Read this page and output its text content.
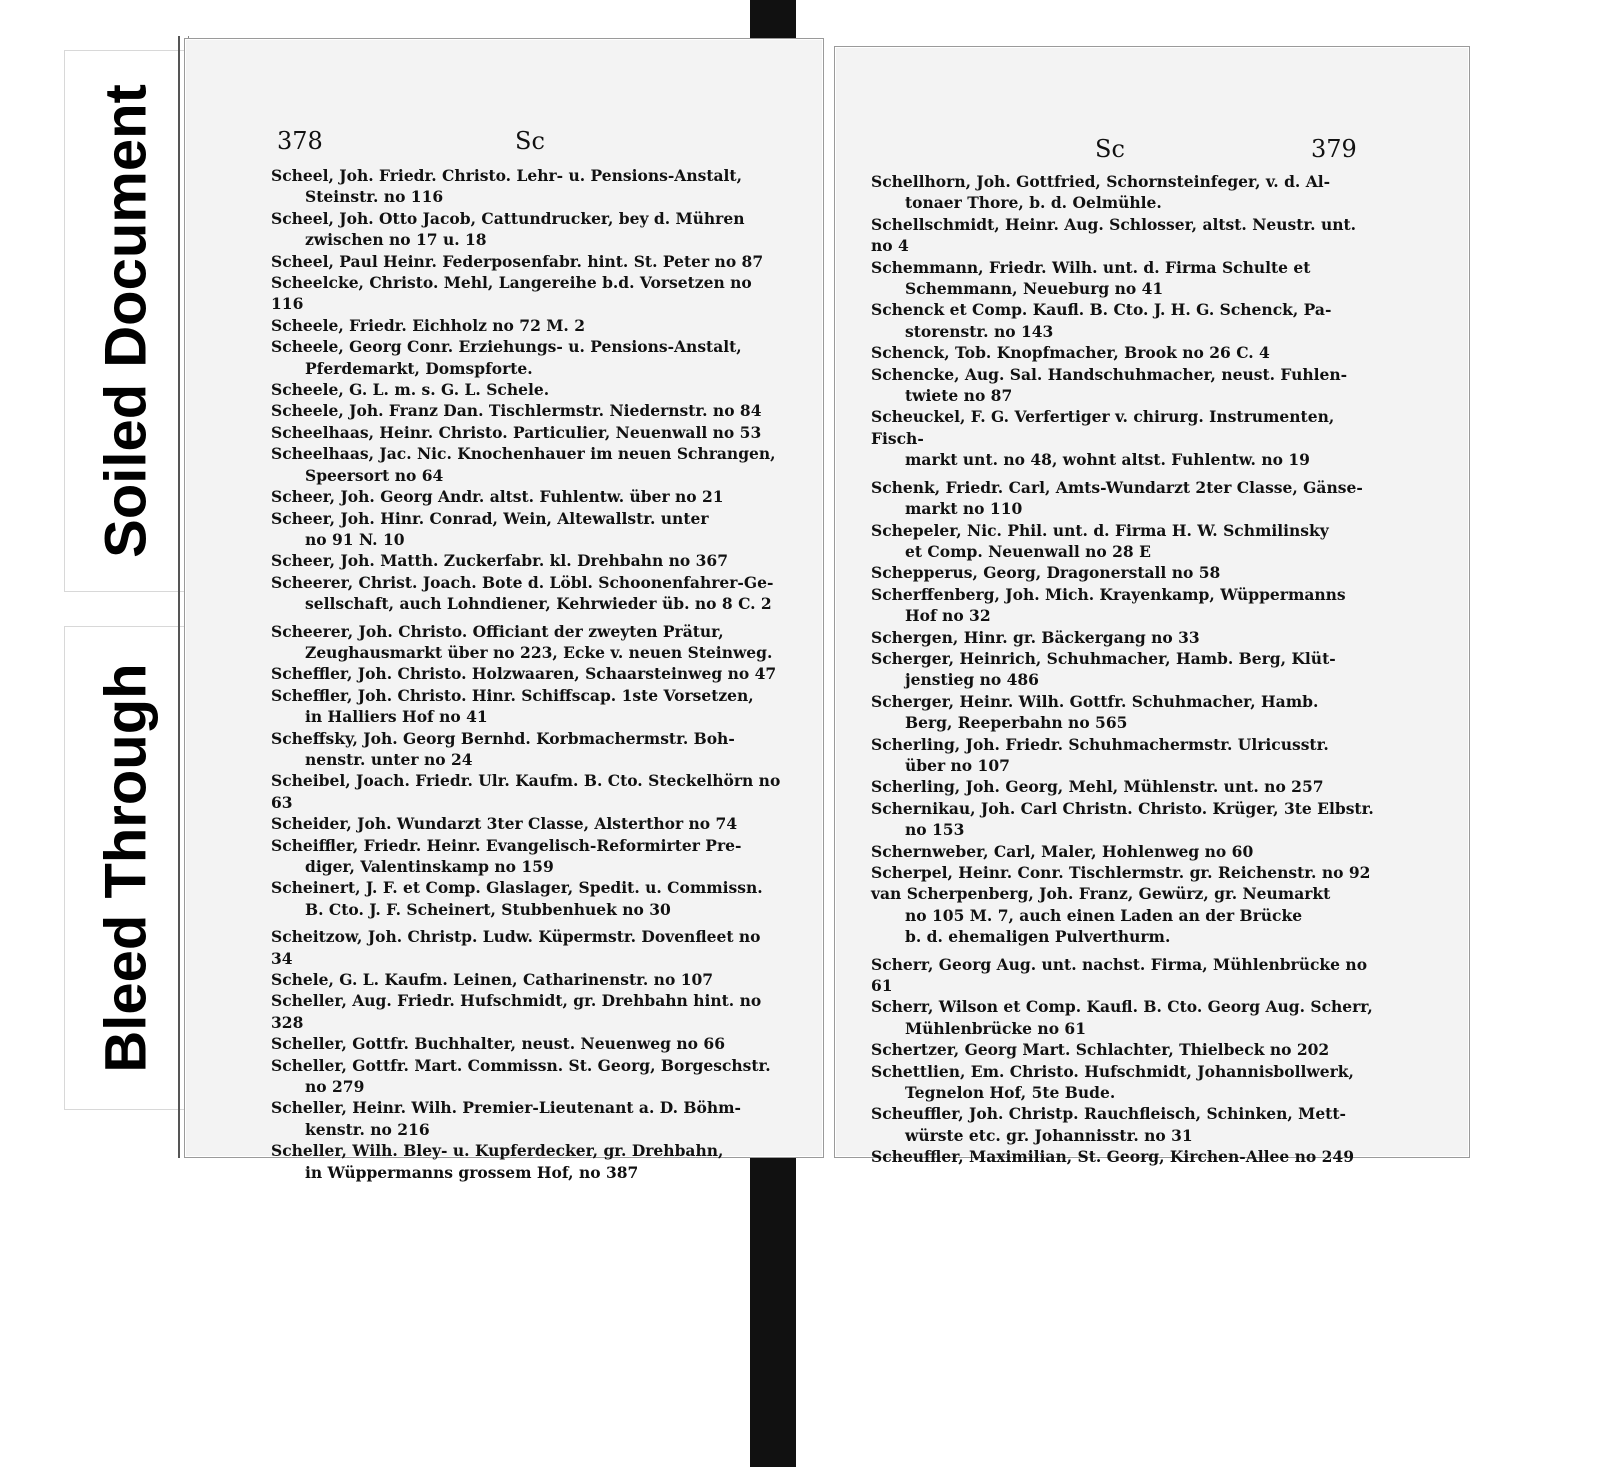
Soiled Document
Bleed Through
378	Sc
Scheel, Joh. Friedr. Christo. Lehr- u. Pensions-Anstalt,
Steinstr. no 116
Scheel, Joh. Otto Jacob, Cattundrucker, bey d. Mühren
zwischen no 17 u. 18
Scheel, Paul Heinr. Federposenfabr. hint. St. Peter no 87
Scheelcke, Christo. Mehl, Langereihe b.d. Vorsetzen no 116
Scheele, Friedr. Eichholz no 72 M. 2
Scheele, Georg Conr. Erziehungs- u. Pensions-Anstalt,
Pferdemarkt, Domspforte.
Scheele, G. L. m. s. G. L. Schele.
Scheele, Joh. Franz Dan. Tischlermstr. Niedernstr. no 84
Scheelhaas, Heinr. Christo. Particulier, Neuenwall no 53
Scheelhaas, Jac. Nic. Knochenhauer im neuen Schrangen,
Speersort no 64
Scheer, Joh. Georg Andr. altst. Fuhlentw. über no 21
Scheer, Joh. Hinr. Conrad, Wein, Altewallstr. unter
no 91 N. 10
Scheer, Joh. Matth. Zuckerfabr. kl. Drehbahn no 367
Scheerer, Christ. Joach. Bote d. Löbl. Schoonenfahrer-Ge-
sellschaft, auch Lohndiener, Kehrwieder üb. no 8 C. 2
Scheerer, Joh. Christo. Officiant der zweyten Prätur,
Zeughausmarkt über no 223, Ecke v. neuen Steinweg.
Scheffler, Joh. Christo. Holzwaaren, Schaarsteinweg no 47
Scheffler, Joh. Christo. Hinr. Schiffscap. 1ste Vorsetzen,
in Halliers Hof no 41
Scheffsky, Joh. Georg Bernhd. Korbmachermstr. Boh-
nenstr. unter no 24
Scheibel, Joach. Friedr. Ulr. Kaufm. B. Cto. Steckelhörn no 63
Scheider, Joh. Wundarzt 3ter Classe, Alsterthor no 74
Scheiffler, Friedr. Heinr. Evangelisch-Reformirter Pre-
diger, Valentinskamp no 159
Scheinert, J. F. et Comp. Glaslager, Spedit. u. Commissn.
B. Cto. J. F. Scheinert, Stubbenhuek no 30
Scheitzow, Joh. Christp. Ludw. Küpermstr. Dovenfleet no 34
Schele, G. L. Kaufm. Leinen, Catharinenstr. no 107
Scheller, Aug. Friedr. Hufschmidt, gr. Drehbahn hint. no 328
Scheller, Gottfr. Buchhalter, neust. Neuenweg no 66
Scheller, Gottfr. Mart. Commissn. St. Georg, Borgeschstr.
no 279
Scheller, Heinr. Wilh. Premier-Lieutenant a. D. Böhm-
kenstr. no 216
Scheller, Wilh. Bley- u. Kupferdecker, gr. Drehbahn,
in Wüppermanns grossem Hof, no 387
Sc	379
Schellhorn, Joh. Gottfried, Schornsteinfeger, v. d. Al-
tonaer Thore, b. d. Oelmühle.
Schellschmidt, Heinr. Aug. Schlosser, altst. Neustr. unt. no 4
Schemmann, Friedr. Wilh. unt. d. Firma Schulte et
Schemmann, Neueburg no 41
Schenck et Comp. Kaufl. B. Cto. J. H. G. Schenck, Pa-
storenstr. no 143
Schenck, Tob. Knopfmacher, Brook no 26 C. 4
Schencke, Aug. Sal. Handschuhmacher, neust. Fuhlen-
twiete no 87
Scheuckel, F. G. Verfertiger v. chirurg. Instrumenten, Fisch-
markt unt. no 48, wohnt altst. Fuhlentw. no 19
Schenk, Friedr. Carl, Amts-Wundarzt 2ter Classe, Gänse-
markt no 110
Schepeler, Nic. Phil. unt. d. Firma H. W. Schmilinsky
et Comp. Neuenwall no 28 E
Schepperus, Georg, Dragonerstall no 58
Scherffenberg, Joh. Mich. Krayenkamp, Wüppermanns
Hof no 32
Schergen, Hinr. gr. Bäckergang no 33
Scherger, Heinrich, Schuhmacher, Hamb. Berg, Klüt-
jenstieg no 486
Scherger, Heinr. Wilh. Gottfr. Schuhmacher, Hamb.
Berg, Reeperbahn no 565
Scherling, Joh. Friedr. Schuhmachermstr. Ulricusstr.
über no 107
Scherling, Joh. Georg, Mehl, Mühlenstr. unt. no 257
Schernikau, Joh. Carl Christn. Christo. Krüger, 3te Elbstr.
no 153
Schernweber, Carl, Maler, Hohlenweg no 60
Scherpel, Heinr. Conr. Tischlermstr. gr. Reichenstr. no 92
van Scherpenberg, Joh. Franz, Gewürz, gr. Neumarkt
no 105 M. 7, auch einen Laden an der Brücke
b. d. ehemaligen Pulverthurm.
Scherr, Georg Aug. unt. nachst. Firma, Mühlenbrücke no 61
Scherr, Wilson et Comp. Kaufl. B. Cto. Georg Aug. Scherr,
Mühlenbrücke no 61
Schertzer, Georg Mart. Schlachter, Thielbeck no 202
Schettlien, Em. Christo. Hufschmidt, Johannisbollwerk,
Tegnelon Hof, 5te Bude.
Scheuffler, Joh. Christp. Rauchfleisch, Schinken, Mett-
würste etc. gr. Johannisstr. no 31
Scheuffler, Maximilian, St. Georg, Kirchen-Allee no 249
